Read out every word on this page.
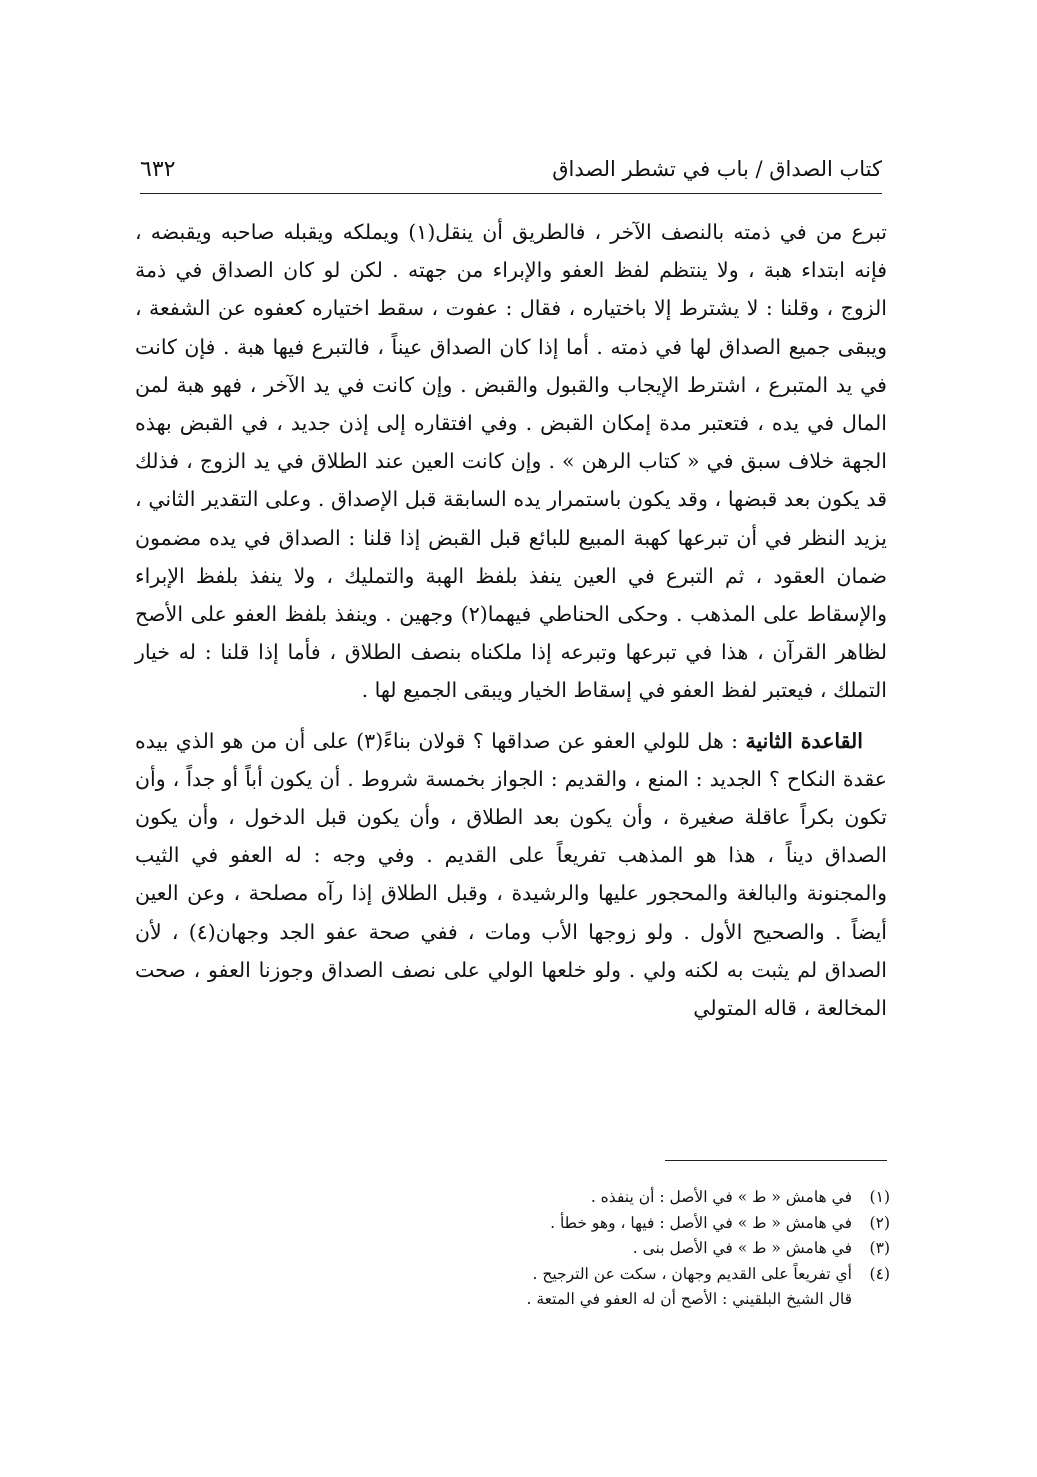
كتاب الصداق / باب في تشطر الصداق
٦٣٢

تبرع من في ذمته بالنصف الآخر ، فالطريق أن ينقل(١) ويملكه ويقبله صاحبه ويقبضه ، فإنه ابتداء هبة ، ولا ينتظم لفظ العفو والإبراء من جهته . لكن لو كان الصداق في ذمة الزوج ، وقلنا : لا يشترط إلا باختياره ، فقال : عفوت ، سقط اختياره كعفوه عن الشفعة ، ويبقى جميع الصداق لها في ذمته . أما إذا كان الصداق عيناً ، فالتبرع فيها هبة . فإن كانت في يد المتبرع ، اشترط الإيجاب والقبول والقبض . وإن كانت في يد الآخر ، فهو هبة لمن المال في يده ، فتعتبر مدة إمكان القبض . وفي افتقاره إلى إذن جديد ، في القبض بهذه الجهة خلاف سبق في « كتاب الرهن » . وإن كانت العين عند الطلاق في يد الزوج ، فذلك قد يكون بعد قبضها ، وقد يكون باستمرار يده السابقة قبل الإصداق . وعلى التقدير الثاني ، يزيد النظر في أن تبرعها كهبة المبيع للبائع قبل القبض إذا قلنا : الصداق في يده مضمون ضمان العقود ، ثم التبرع في العين ينفذ بلفظ الهبة والتمليك ، ولا ينفذ بلفظ الإبراء والإسقاط على المذهب . وحكى الحناطي فيهما(٢) وجهين . وينفذ بلفظ العفو على الأصح لظاهر القرآن ، هذا في تبرعها وتبرعه إذا ملكناه بنصف الطلاق ، فأما إذا قلنا : له خيار التملك ، فيعتبر لفظ العفو في إسقاط الخيار ويبقى الجميع لها .

القاعدة الثانية : هل للولي العفو عن صداقها ؟ قولان بناءً(٣) على أن من هو الذي بيده عقدة النكاح ؟ الجديد : المنع ، والقديم : الجواز بخمسة شروط . أن يكون أباً أو جداً ، وأن تكون بكراً عاقلة صغيرة ، وأن يكون بعد الطلاق ، وأن يكون قبل الدخول ، وأن يكون الصداق ديناً ، هذا هو المذهب تفريعاً على القديم . وفي وجه : له العفو في الثيب والمجنونة والبالغة والمحجور عليها والرشيدة ، وقبل الطلاق إذا رآه مصلحة ، وعن العين أيضاً . والصحيح الأول . ولو زوجها الأب ومات ، ففي صحة عفو الجد وجهان(٤) ، لأن الصداق لم يثبت به لكنه ولي . ولو خلعها الولي على نصف الصداق وجوزنا العفو ، صحت المخالعة ، قاله المتولي

(١)
في هامش « ط » في الأصل : أن ينفذه .
(٢)
في هامش « ط » في الأصل : فيها ، وهو خطأ .
(٣)
في هامش « ط » في الأصل بنى .
(٤)
أي تفريعاً على القديم وجهان ، سكت عن الترجيح .
قال الشيخ البلقيني : الأصح أن له العفو في المتعة .
